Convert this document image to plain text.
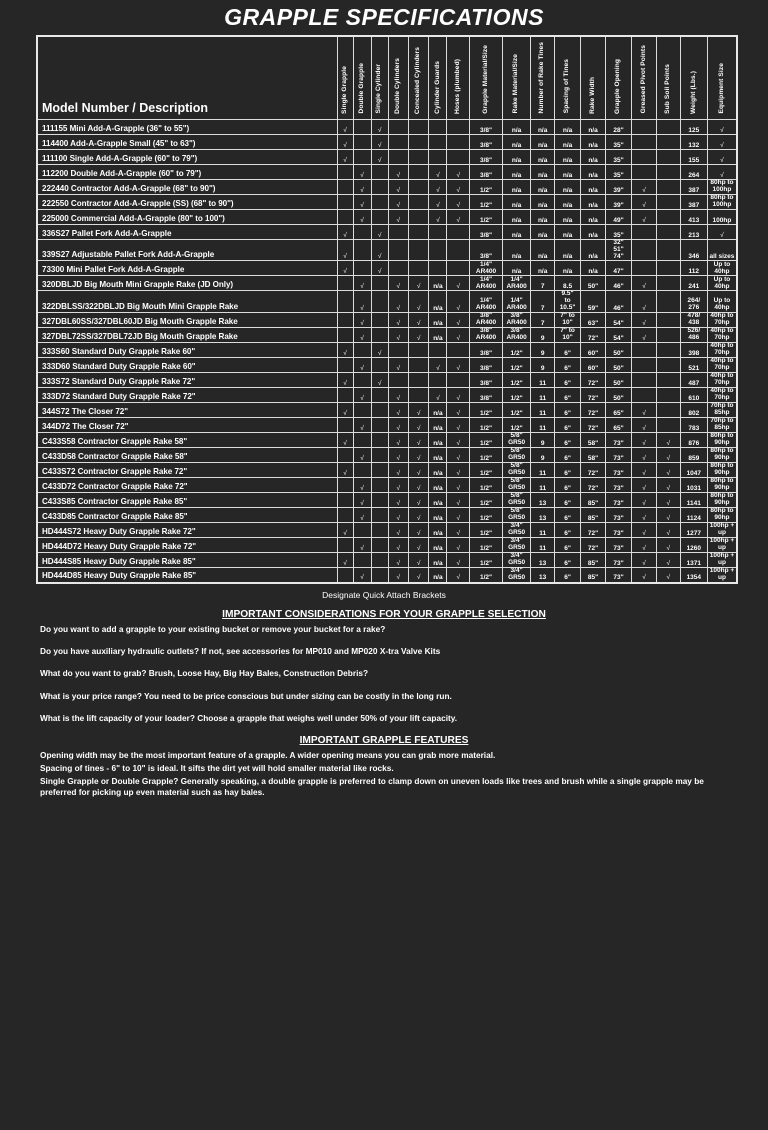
GRAPPLE SPECIFICATIONS
Model Number / Description	Single Grapple	Double Grapple	Single Cylinder	Double Cylinders	Concealed Cylinders	Cylinder Guards	Hoses (plumbed)	Grapple Material/Size	Rake Material/Size	Number of Rake Tines	Spacing of Tines	Rake Width	Grapple Opening	Greased Pivot Points	Sub Soil Points	Weight (Lbs.)	Equipment Size
111155 Mini Add-A-Grapple (36" to 55")	√		√					3/8"	n/a	n/a	n/a	n/a	28"			125	√
114400 Add-A-Grapple Small (45" to 63")	√		√					3/8"	n/a	n/a	n/a	n/a	35"			132	√
111100 Single Add-A-Grapple (60" to 79")	√		√					3/8"	n/a	n/a	n/a	n/a	35"			155	√
112200 Double Add-A-Grapple (60" to 79")		√		√		√	√	3/8"	n/a	n/a	n/a	n/a	35"			264	√
222440 Contractor Add-A-Grapple (68" to 90")		√		√		√	√	1/2"	n/a	n/a	n/a	n/a	39"	√		387	80hp to
100hp

222550 Contractor Add-A-Grapple (SS) (68" to 90")		√		√		√	√	1/2"	n/a	n/a	n/a	n/a	39"	√		387	80hp to
100hp

225000 Commercial Add-A-Grapple (80" to 100")		√		√		√	√	1/2"	n/a	n/a	n/a	n/a	49"	√		413	100hp
336S27 Pallet Fork Add-A-Grapple	√		√					3/8"	n/a	n/a	n/a	n/a	35"			213	√
339S27 Adjustable Pallet Fork Add-A-Grapple	√		√					3/8"	n/a	n/a	n/a	n/a	32"
51"
74"			346	all sizes
73300 Mini Pallet Fork Add-A-Grapple	√		√					1/4"
AR400	n/a	n/a	n/a	n/a	47"			112	Up to
40hp

320DBLJD Big Mouth Mini Grapple Rake (JD Only)		√		√	√	n/a	√	1/4"
AR400	1/4"
AR400	7	8.5	50"	46"	√		241	Up to
40hp

322DBLSS/322DBLJD Big Mouth Mini Grapple Rake		√		√	√	n/a	√	1/4"
AR400	1/4"
AR400	7	9.5"
to
10.5"	59"	46"	√		264/
276	Up to
40hp

327DBL60SS/327DBL60JD Big Mouth Grapple Rake		√		√	√	n/a	√	3/8"
AR400	3/8"
AR400	7	7" to
10"	63"	54"	√		478/
438	40hp to
70hp

327DBL72SS/327DBL72JD Big Mouth Grapple Rake		√		√	√	n/a	√	3/8"
AR400	3/8"
AR400	9	7" to
10"	72"	54"	√		526/
486	40hp to
70hp

333S60 Standard Duty Grapple Rake 60"	√		√					3/8"	1/2"	9	6"	60"	50"			398	40hp to
70hp

333D60 Standard Duty Grapple Rake 60"		√		√		√	√	3/8"	1/2"	9	6"	60"	50"			521	40hp to
70hp

333S72 Standard Duty Grapple Rake 72"	√		√					3/8"	1/2"	11	6"	72"	50"			487	40hp to
70hp

333D72 Standard Duty Grapple Rake 72"		√		√		√	√	3/8"	1/2"	11	6"	72"	50"			610	40hp to
70hp

344S72 The Closer 72"	√			√	√	n/a	√	1/2"	1/2"	11	6"	72"	65"	√		802	70hp to
85hp

344D72 The Closer 72"		√		√	√	n/a	√	1/2"	1/2"	11	6"	72"	65"	√		783	70hp to
85hp

C433S58 Contractor Grapple Rake 58"	√			√	√	n/a	√	1/2"	5/8"
GR50	9	6"	58"	73"	√	√	876	80hp to
90hp

C433D58 Contractor Grapple Rake 58"		√		√	√	n/a	√	1/2"	5/8"
GR50	9	6"	58"	73"	√	√	859	80hp to
90hp

C433S72 Contractor Grapple Rake 72"	√			√	√	n/a	√	1/2"	5/8"
GR50	11	6"	72"	73"	√	√	1047	80hp to
90hp

C433D72 Contractor Grapple Rake 72"		√		√	√	n/a	√	1/2"	5/8"
GR50	11	6"	72"	73"	√	√	1031	80hp to
90hp

C433S85 Contractor Grapple Rake 85"		√		√	√	n/a	√	1/2"	5/8"
GR50	13	6"	85"	73"	√	√	1141	80hp to
90hp

C433D85 Contractor Grapple Rake 85"		√		√	√	n/a	√	1/2"	5/8"
GR50	13	6"	85"	73"	√	√	1124	80hp to
90hp

HD444S72 Heavy Duty Grapple Rake 72"	√			√	√	n/a	√	1/2"	3/4"
GR50	11	6"	72"	73"	√	√	1277	100hp +
up

HD444D72 Heavy Duty Grapple Rake 72"		√		√	√	n/a	√	1/2"	3/4"
GR50	11	6"	72"	73"	√	√	1260	100hp +
up

HD444S85 Heavy Duty Grapple Rake 85"	√			√	√	n/a	√	1/2"	3/4"
GR50	13	6"	85"	73"	√	√	1371	100hp +
up

HD444D85 Heavy Duty Grapple Rake 85"		√		√	√	n/a	√	1/2"	3/4"
GR50	13	6"	85"	73"	√	√	1354	100hp +
up
Designate Quick Attach Brackets
IMPORTANT CONSIDERATIONS FOR YOUR GRAPPLE SELECTION

Do you want to add a grapple to your existing bucket or remove your bucket for a rake?

Do you have auxiliary hydraulic outlets? If not, see accessories for MP010 and MP020 X-tra Valve Kits

What do you want to grab? Brush, Loose Hay, Big Hay Bales, Construction Debris?

What is your price range? You need to be price conscious but under sizing can be costly in the long run.

What is the lift capacity of your loader? Choose a grapple that weighs well under 50% of your lift capacity.

IMPORTANT GRAPPLE FEATURES

Opening width may be the most important feature of a grapple. A wider opening means you can grab more material.

Spacing of tines - 6" to 10" is ideal. It sifts the dirt yet will hold smaller material like rocks.

Single Grapple or Double Grapple? Generally speaking, a double grapple is preferred to clamp down on uneven loads like trees and brush while a single grapple may be preferred for picking up even material such as hay bales.
